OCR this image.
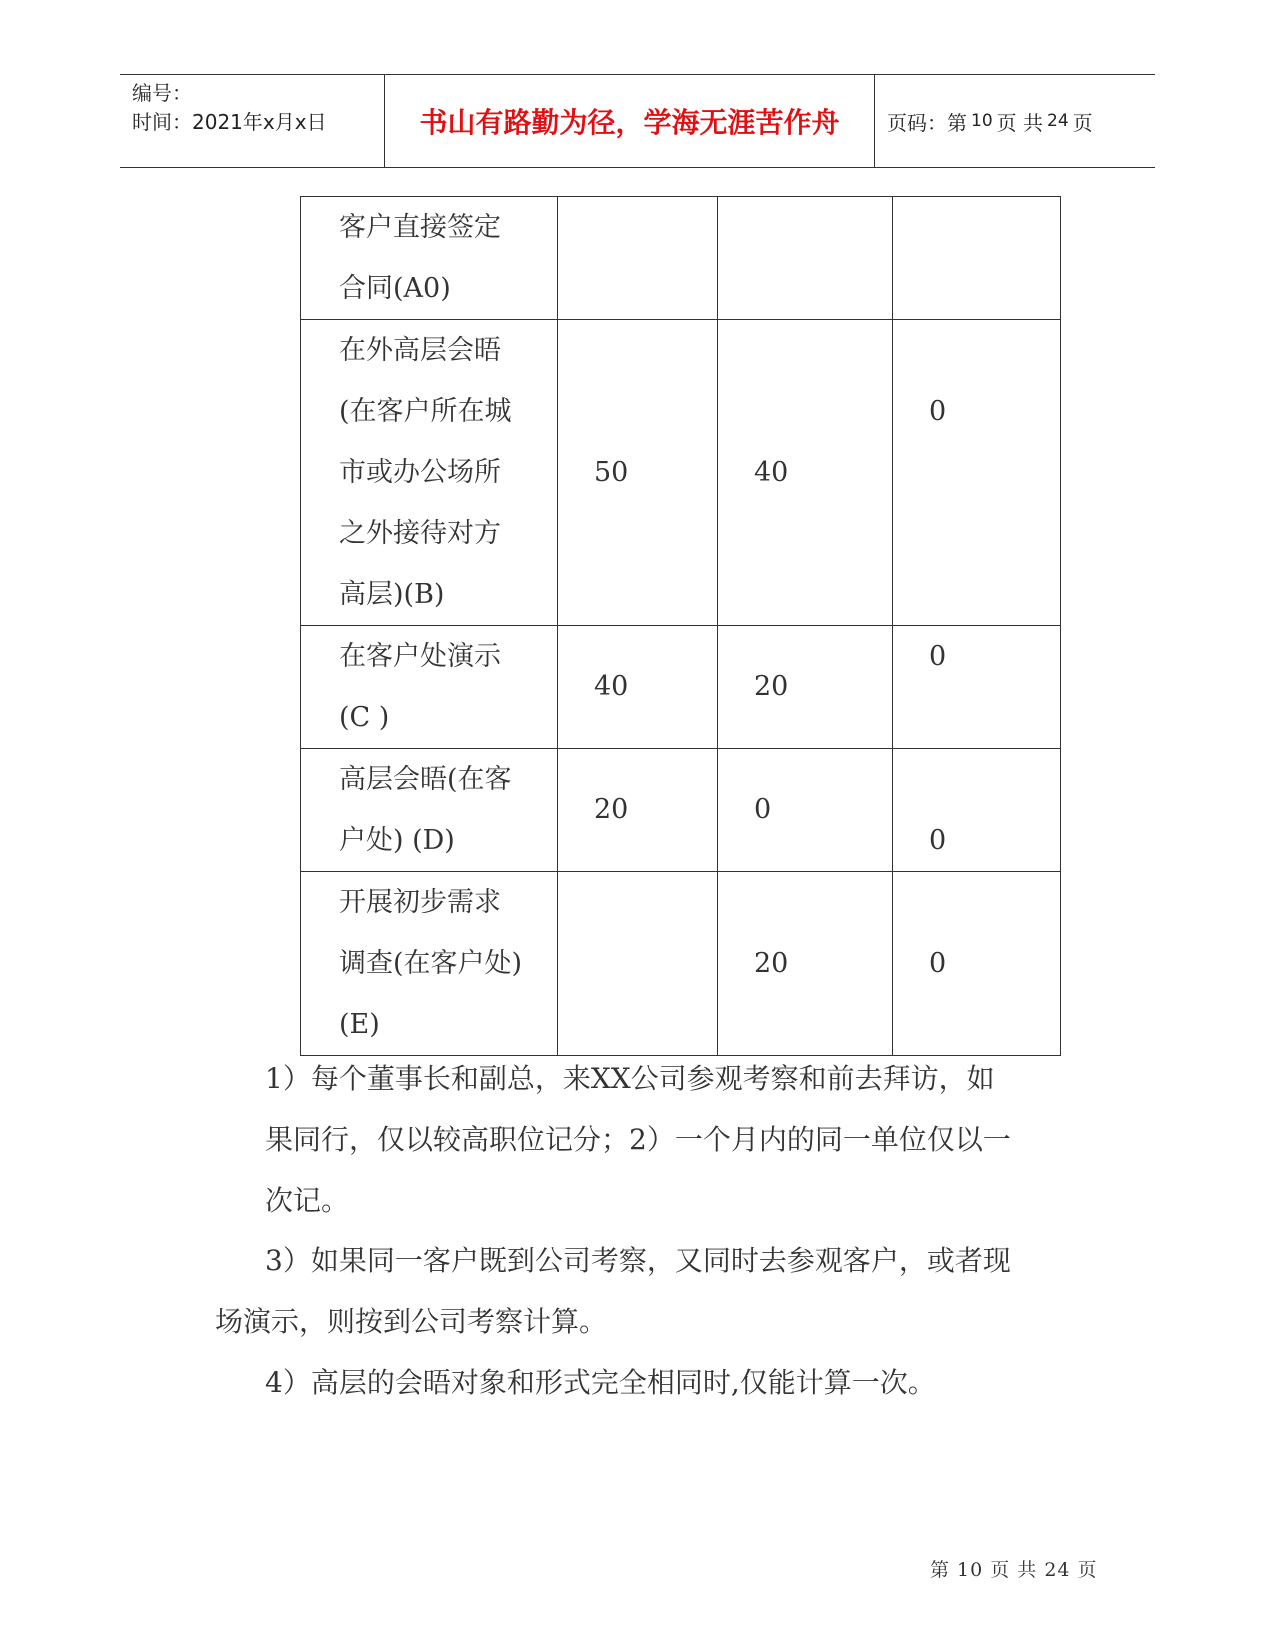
编号：
时间：2021年x月x日	书山有路勤为径，学海无涯苦作舟	页码：第 10 页 共 24 页
客户直接签定
合同(A0)			

在外高层会晤
(在客户所在城
市或办公场所
之外接待对方
高层)(B)	50	40	0

在客户处演示
(C )	40	20	0

高层会晤(在客
户处) (D)	20	0	0

开展初步需求
调查(在客户处)
(E)		20	0
1）每个董事长和副总，来XX公司参观考察和前去拜访，如
果同行，仅以较高职位记分；2）一个月内的同一单位仅以一
次记。
3）如果同一客户既到公司考察，又同时去参观客户，或者现
场演示，则按到公司考察计算。
4）高层的会晤对象和形式完全相同时,仅能计算一次。
第 10 页 共 24 页
